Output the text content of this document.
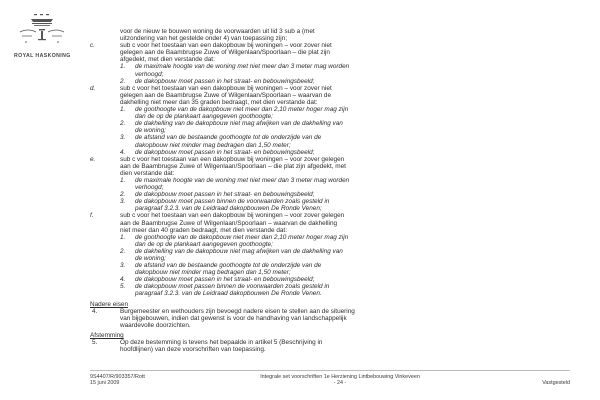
ROYAL HASKONING
voor de nieuw te bouwen woning de voorwaarden uit lid 3 sub a (met
uitzondering van het gestelde onder 4) van toepassing zijn;
c.	sub c voor het toestaan van een dakopbouw bij woningen – voor zover niet
gelegen aan de Baambrugse Zuwe of Wilgenlaan/Spoorlaan – die plat zijn
afgedekt, met dien verstande dat:
1.	de maximale hoogte van de woning met niet meer dan 3 meter mag worden
verhoogd;
2.	de dakopbouw moet passen in het straat- en bebouwingsbeeld;
d.	sub c voor het toestaan van een dakopbouw bij woningen – voor zover niet
gelegen aan de Baambrugse Zuwe of Wilgenlaan/Spoorlaan – waarvan de
dakhelling niet meer dan 35 graden bedraagt, met dien verstande dat:
1.	de goothoogte van de dakopbouw niet meer dan 2,10 meter hoger mag zijn
dan de op de plankaart aangegeven goothoogte;
2.	de dakhelling van de dakopbouw niet mag afwijken van de dakhelling van
de woning;
3.	de afstand van de bestaande goothoogte tot de onderzijde van de
dakopbouw niet minder mag bedragen dan 1,50 meter;
4.	de dakopbouw moet passen in het straat- en bebouwingsbeeld;
e.	sub c voor het toestaan van een dakopbouw bij woningen – voor zover gelegen
aan de Baambrugse Zuwe of Wilgenlaan/Spoorlaan – die plat zijn afgedekt, met
dien verstande dat:
1.	de maximale hoogte van de woning met niet meer dan 3 meter mag worden
verhoogd;
2.	de dakopbouw moet passen in het straat- en bebouwingsbeeld;
3.	de dakopbouw moet passen binnen de voorwaarden zoals gesteld in
paragraaf 3.2.3. van de Leidraad dakopbouwen De Ronde Venen;
f.	sub c voor het toestaan van een dakopbouw bij woningen – voor zover gelegen
aan de Baambrugse Zuwe of Wilgenlaan/Spoorlaan – waarvan de dakhelling
niet meer dan 40 graden bedraagt, met dien verstande dat:
1.	de goothoogte van de dakopbouw niet meer dan 2,10 meter hoger mag zijn
dan de op de plankaart aangegeven goothoogte;
2.	de dakhelling van de dakopbouw niet mag afwijken van de dakhelling van
de woning;
3.	de afstand van de bestaande goothoogte tot de onderzijde van de
dakopbouw niet minder mag bedragen dan 1,50 meter;
4.	de dakopbouw moet passen in het straat- en bebouwingsbeeld;
5.	de dakopbouw moet passen binnen de voorwaarden zoals gesteld in
paragraaf 3.2.3. van de Leidraad dakopbouwen De Ronde Venen.
Nadere eisen
4.	Burgemeester en wethouders zijn bevoegd nadere eisen te stellen aan de situering
van bijgebouwen, indien dat gewenst is voor de handhaving van landschappelijk
waardevolle doorzichten.
Afstemming
5.	Op deze bestemming is tevens het bepaalde in artikel 5 (Beschrijving in
hoofdlijnen) van deze voorschriften van toepassing.
9S4407/R/903357/Rott	Integrale set voorschriften 1e Herziening Lintbebouwing Vinkeveen
15 juni 2009	- 24 -	Vastgesteld
